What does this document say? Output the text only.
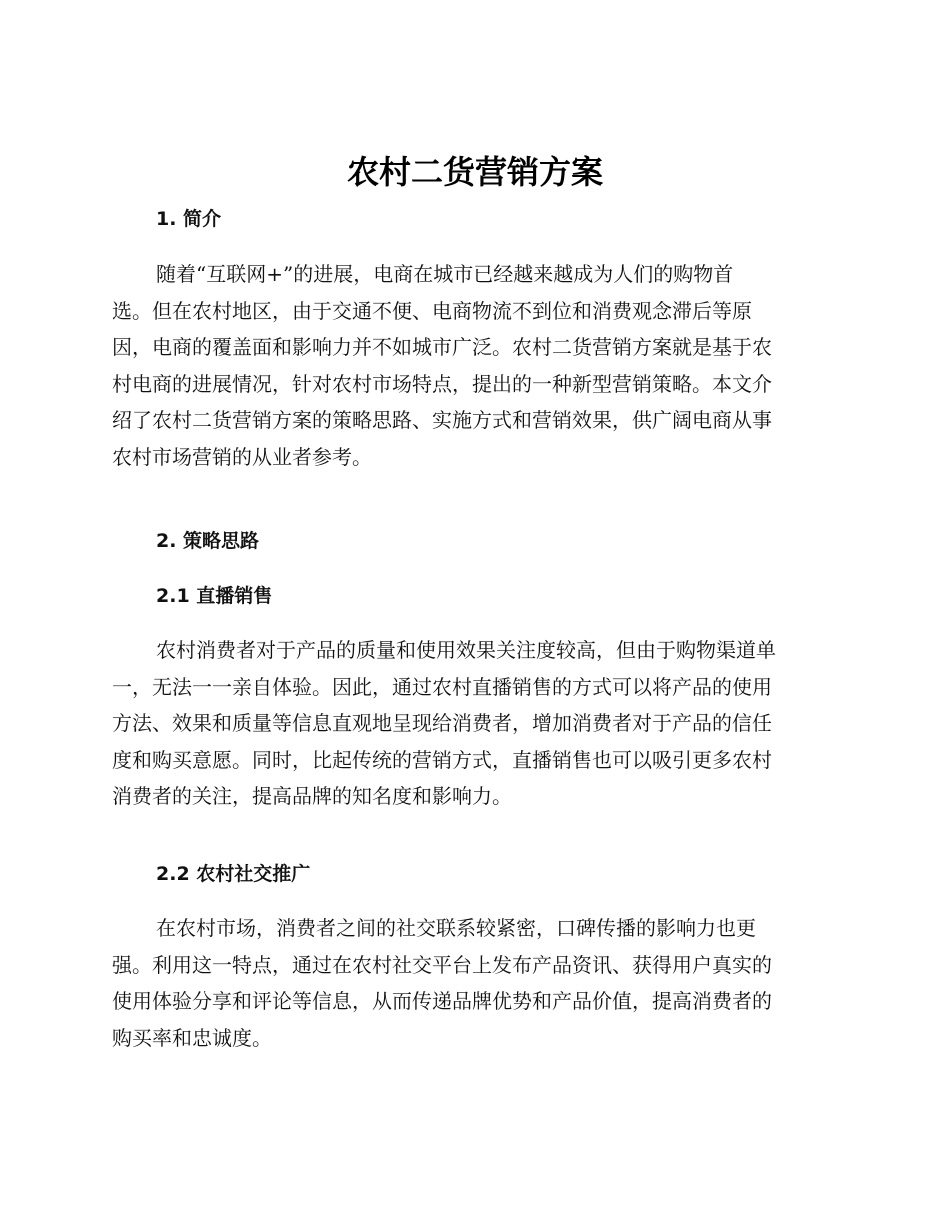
农村二货营销方案
1. 简介
随着“互联网+”的进展，电商在城市已经越来越成为人们的购物首
选。但在农村地区，由于交通不便、电商物流不到位和消费观念滞后等原
因，电商的覆盖面和影响力并不如城市广泛。农村二货营销方案就是基于农
村电商的进展情况，针对农村市场特点，提出的一种新型营销策略。本文介
绍了农村二货营销方案的策略思路、实施方式和营销效果，供广阔电商从事
农村市场营销的从业者参考。
2. 策略思路
2.1 直播销售
农村消费者对于产品的质量和使用效果关注度较高，但由于购物渠道单
一，无法一一亲自体验。因此，通过农村直播销售的方式可以将产品的使用
方法、效果和质量等信息直观地呈现给消费者，增加消费者对于产品的信任
度和购买意愿。同时，比起传统的营销方式，直播销售也可以吸引更多农村
消费者的关注，提高品牌的知名度和影响力。
2.2 农村社交推广
在农村市场，消费者之间的社交联系较紧密，口碑传播的影响力也更
强。利用这一特点，通过在农村社交平台上发布产品资讯、获得用户真实的
使用体验分享和评论等信息，从而传递品牌优势和产品价值，提高消费者的
购买率和忠诚度。
